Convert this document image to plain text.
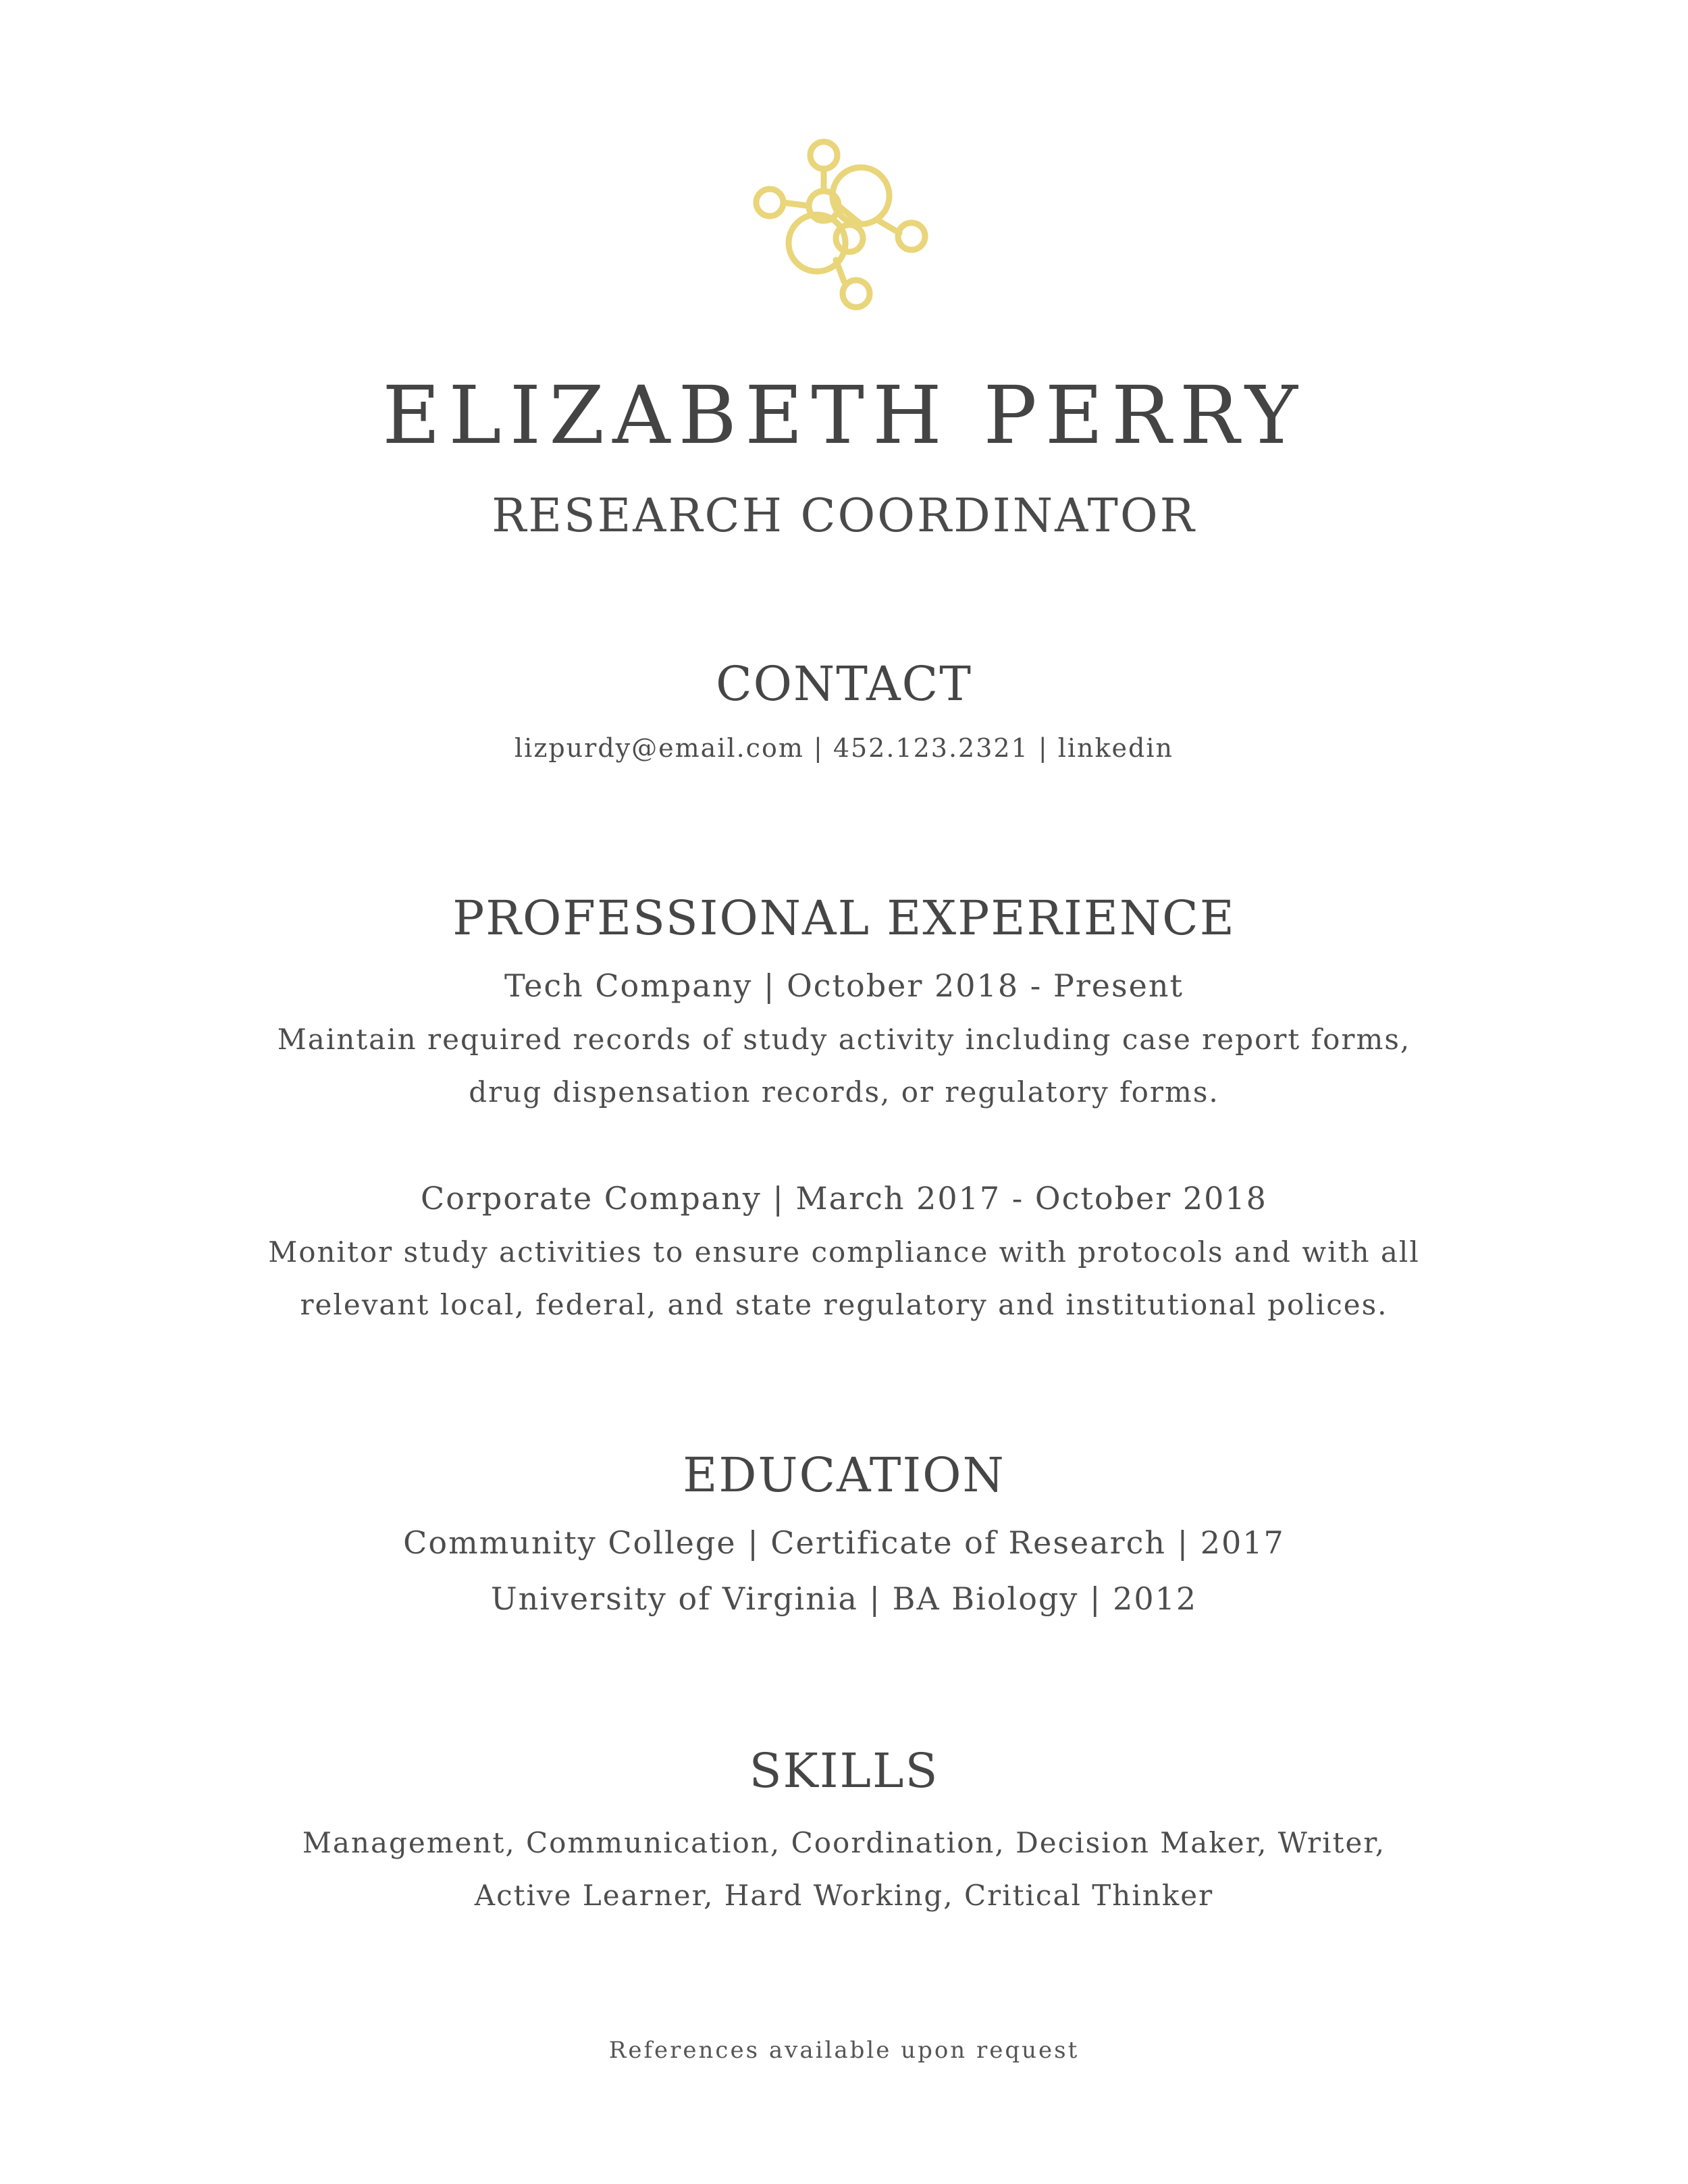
ELIZABETH PERRY
RESEARCH COORDINATOR
CONTACT
lizpurdy@email.com | 452.123.2321 | linkedin
PROFESSIONAL EXPERIENCE
Tech Company | October 2018 - Present
Maintain required records of study activity including case report forms,
drug dispensation records, or regulatory forms.
Corporate Company | March 2017 - October 2018
Monitor study activities to ensure compliance with protocols and with all
relevant local, federal, and state regulatory and institutional polices.
EDUCATION
Community College | Certificate of Research | 2017
University of Virginia | BA Biology | 2012
SKILLS
Management, Communication, Coordination, Decision Maker, Writer,
Active Learner, Hard Working, Critical Thinker
References available upon request
